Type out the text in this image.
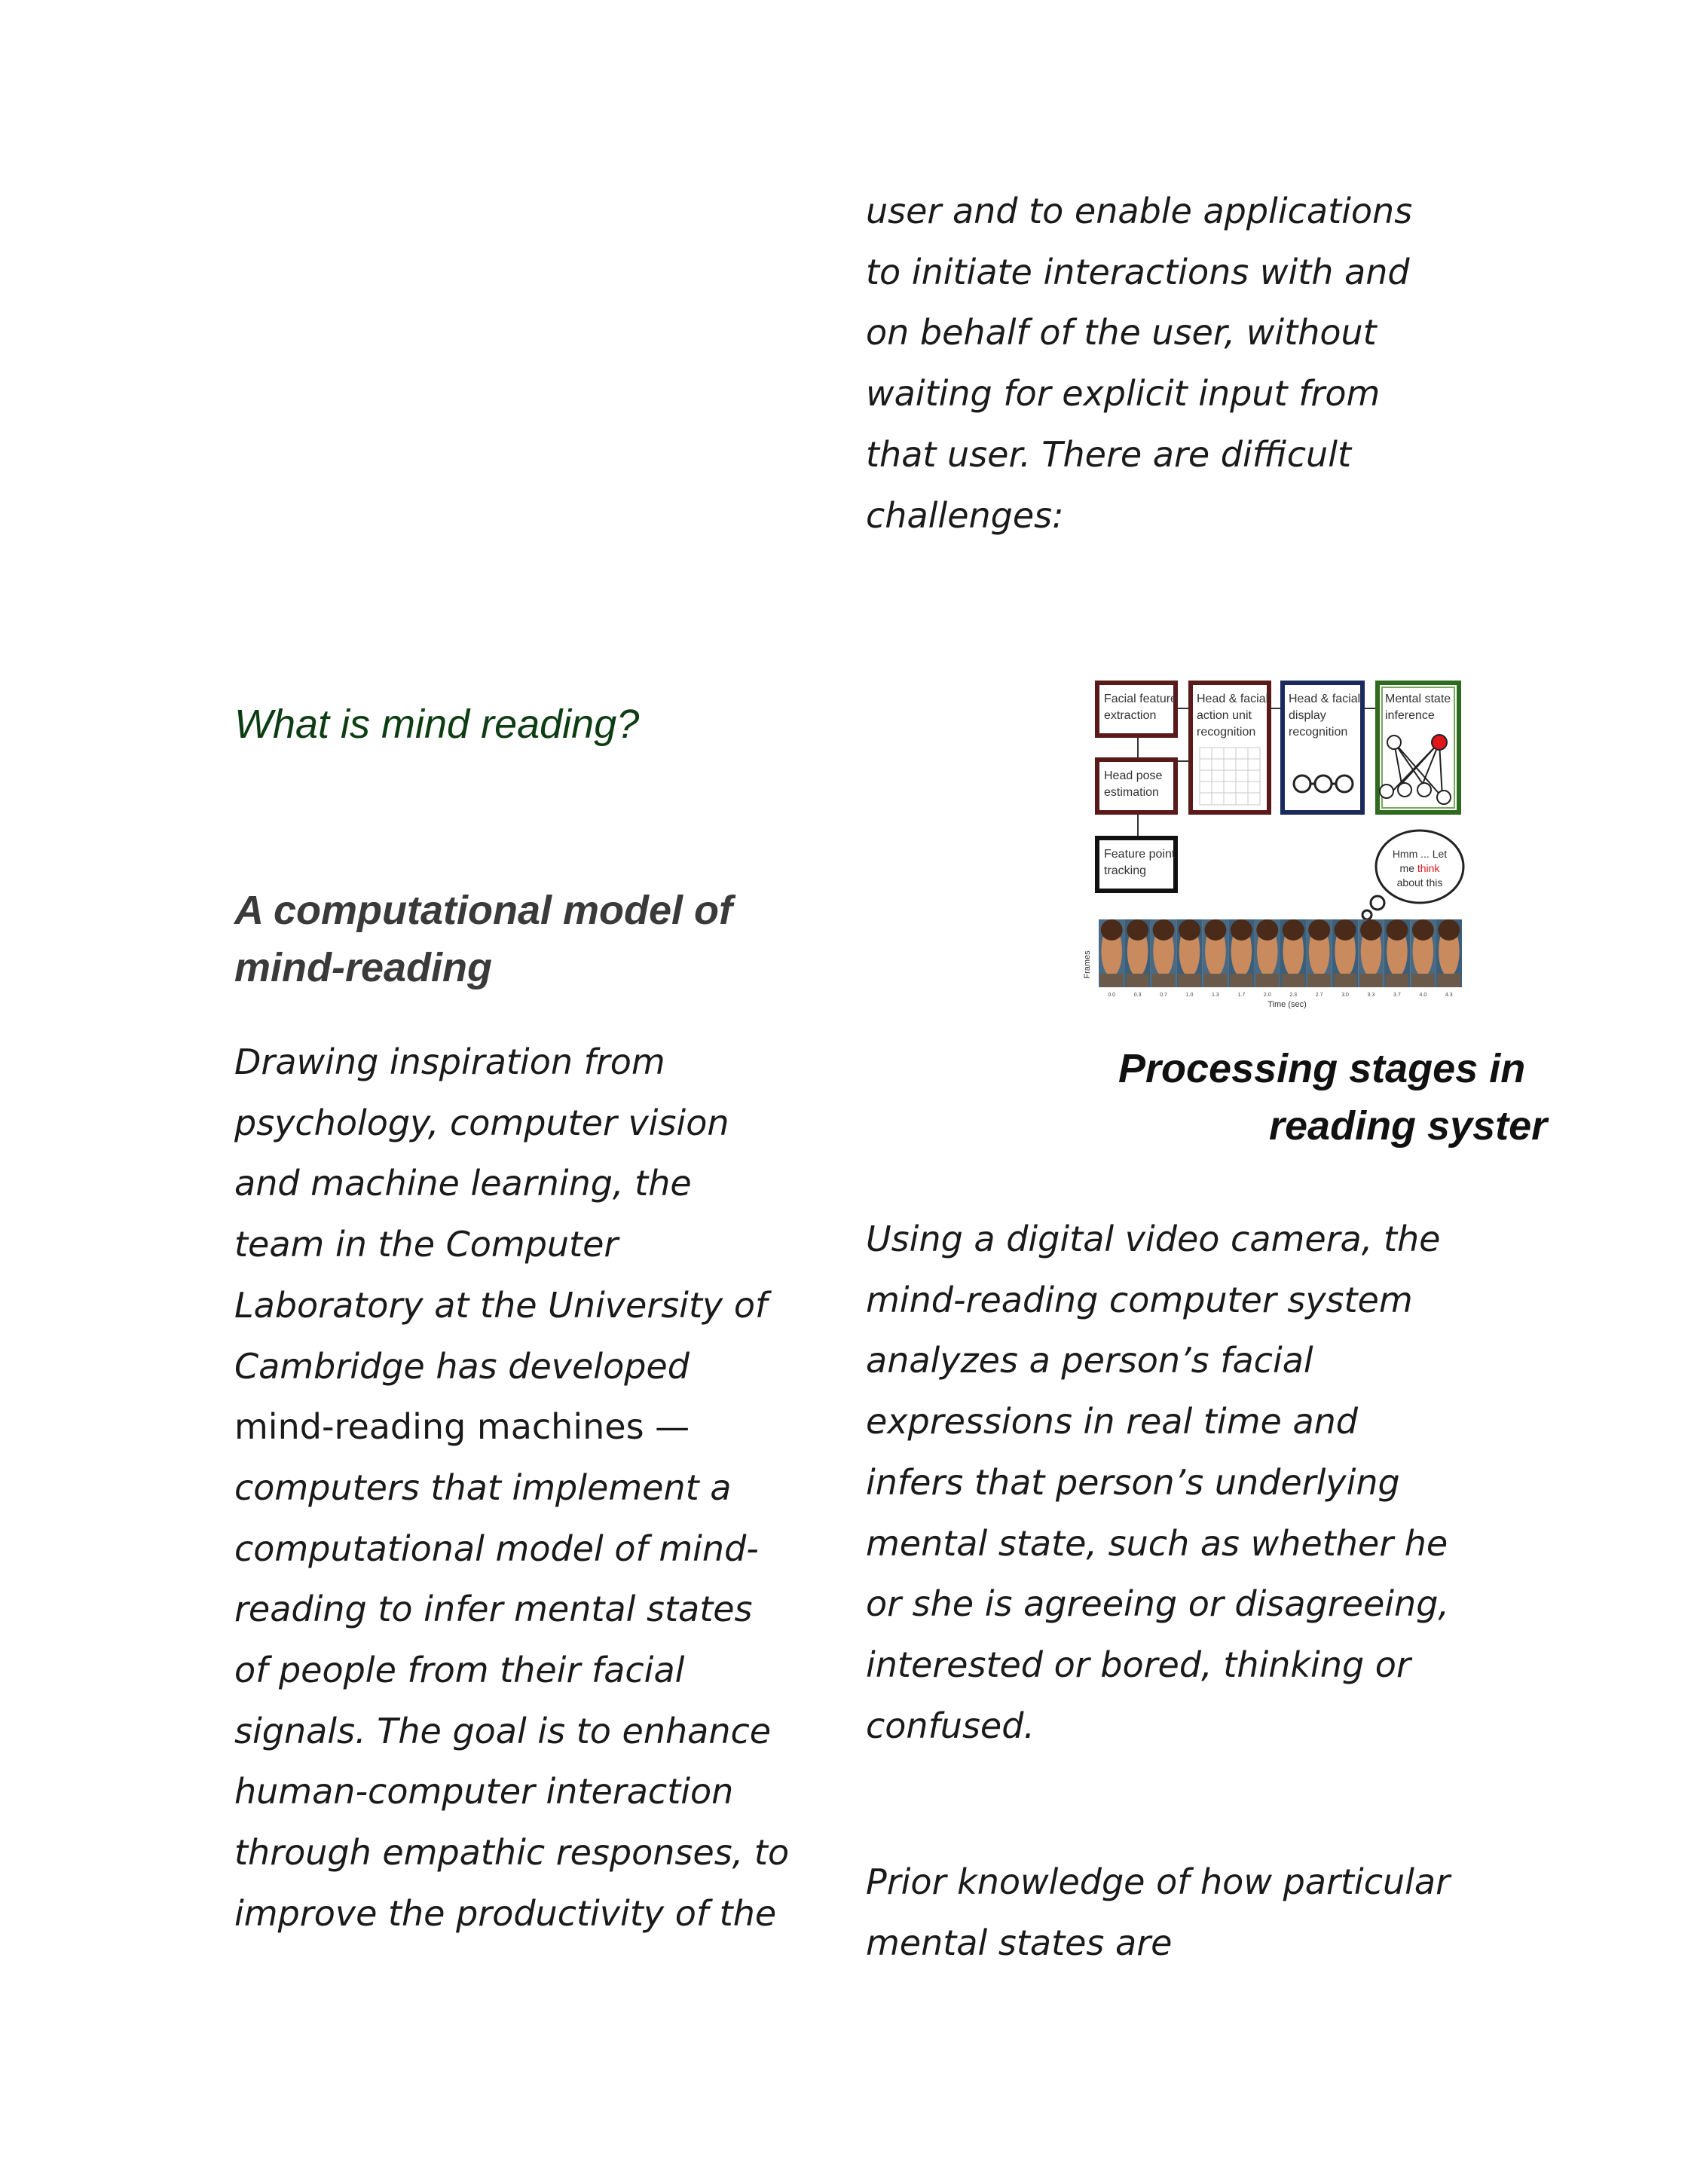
user and to enable applications to initiate interactions with and on behalf of the user, without waiting for explicit input from that user. There are difficult challenges:

What is mind reading?
A computational model of mind-reading

Drawing inspiration from psychology, computer vision and machine learning, the team in the Computer Laboratory at the University of Cambridge has developed mind-reading machines — computers that implement a computational model of mind-reading to infer mental states of people from their facial signals. The goal is to enhance human-computer interaction through empathic responses, to improve the productivity of the

Facial feature
extraction
Head & facial
action unit
recognition
Head & facial
display
recognition
Mental state
inference
Head pose
estimation
Feature point
tracking
Hmm ... Let
me think
about this
Frames
0.0	0.3	0.7	1.0	1.3	1.7	2.0	2.3	2.7	3.0	3.3	3.7	4.0	4.3
Time (sec)

Processing stages in
reading syster

Using a digital video camera, the mind-reading computer system analyzes a person’s facial expressions in real time and infers that person’s underlying mental state, such as whether he or she is agreeing or disagreeing, interested or bored, thinking or confused.

Prior knowledge of how particular mental states are
